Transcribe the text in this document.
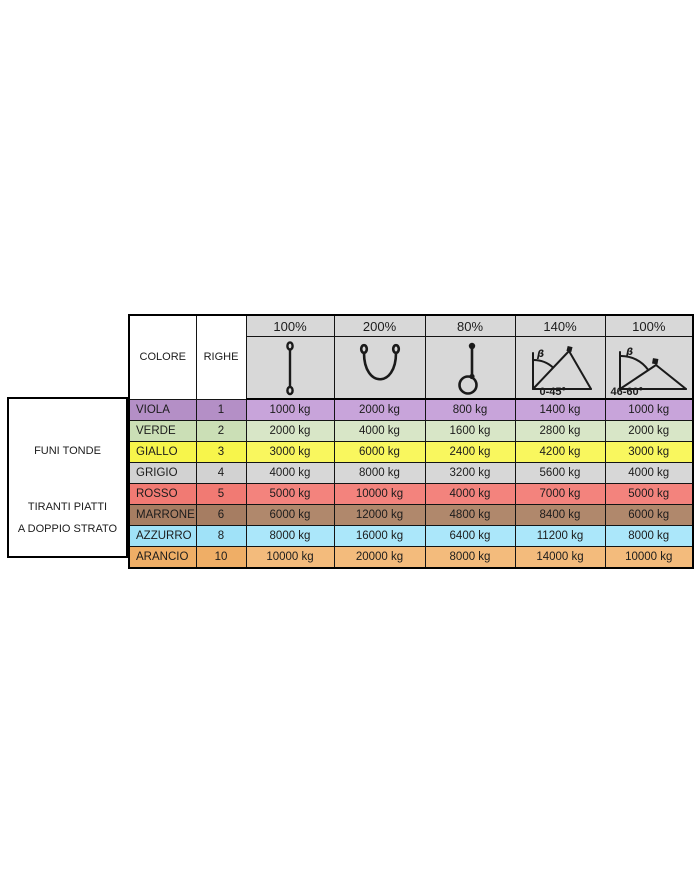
FUNI TONDE
TIRANTI PIATTI
A DOPPIO STRATO
COLORE	RIGHE	100%	200%	80%	140%	100%

β
0-45°	β
46-60°

VIOLA	1	1000 kg	2000 kg	800 kg	1400 kg	1000 kg
VERDE	2	2000 kg	4000 kg	1600 kg	2800 kg	2000 kg
GIALLO	3	3000 kg	6000 kg	2400 kg	4200 kg	3000 kg
GRIGIO	4	4000 kg	8000 kg	3200 kg	5600 kg	4000 kg
ROSSO	5	5000 kg	10000 kg	4000 kg	7000 kg	5000 kg
MARRONE	6	6000 kg	12000 kg	4800 kg	8400 kg	6000 kg
AZZURRO	8	8000 kg	16000 kg	6400 kg	11200 kg	8000 kg
ARANCIO	10	10000 kg	20000 kg	8000 kg	14000 kg	10000 kg
